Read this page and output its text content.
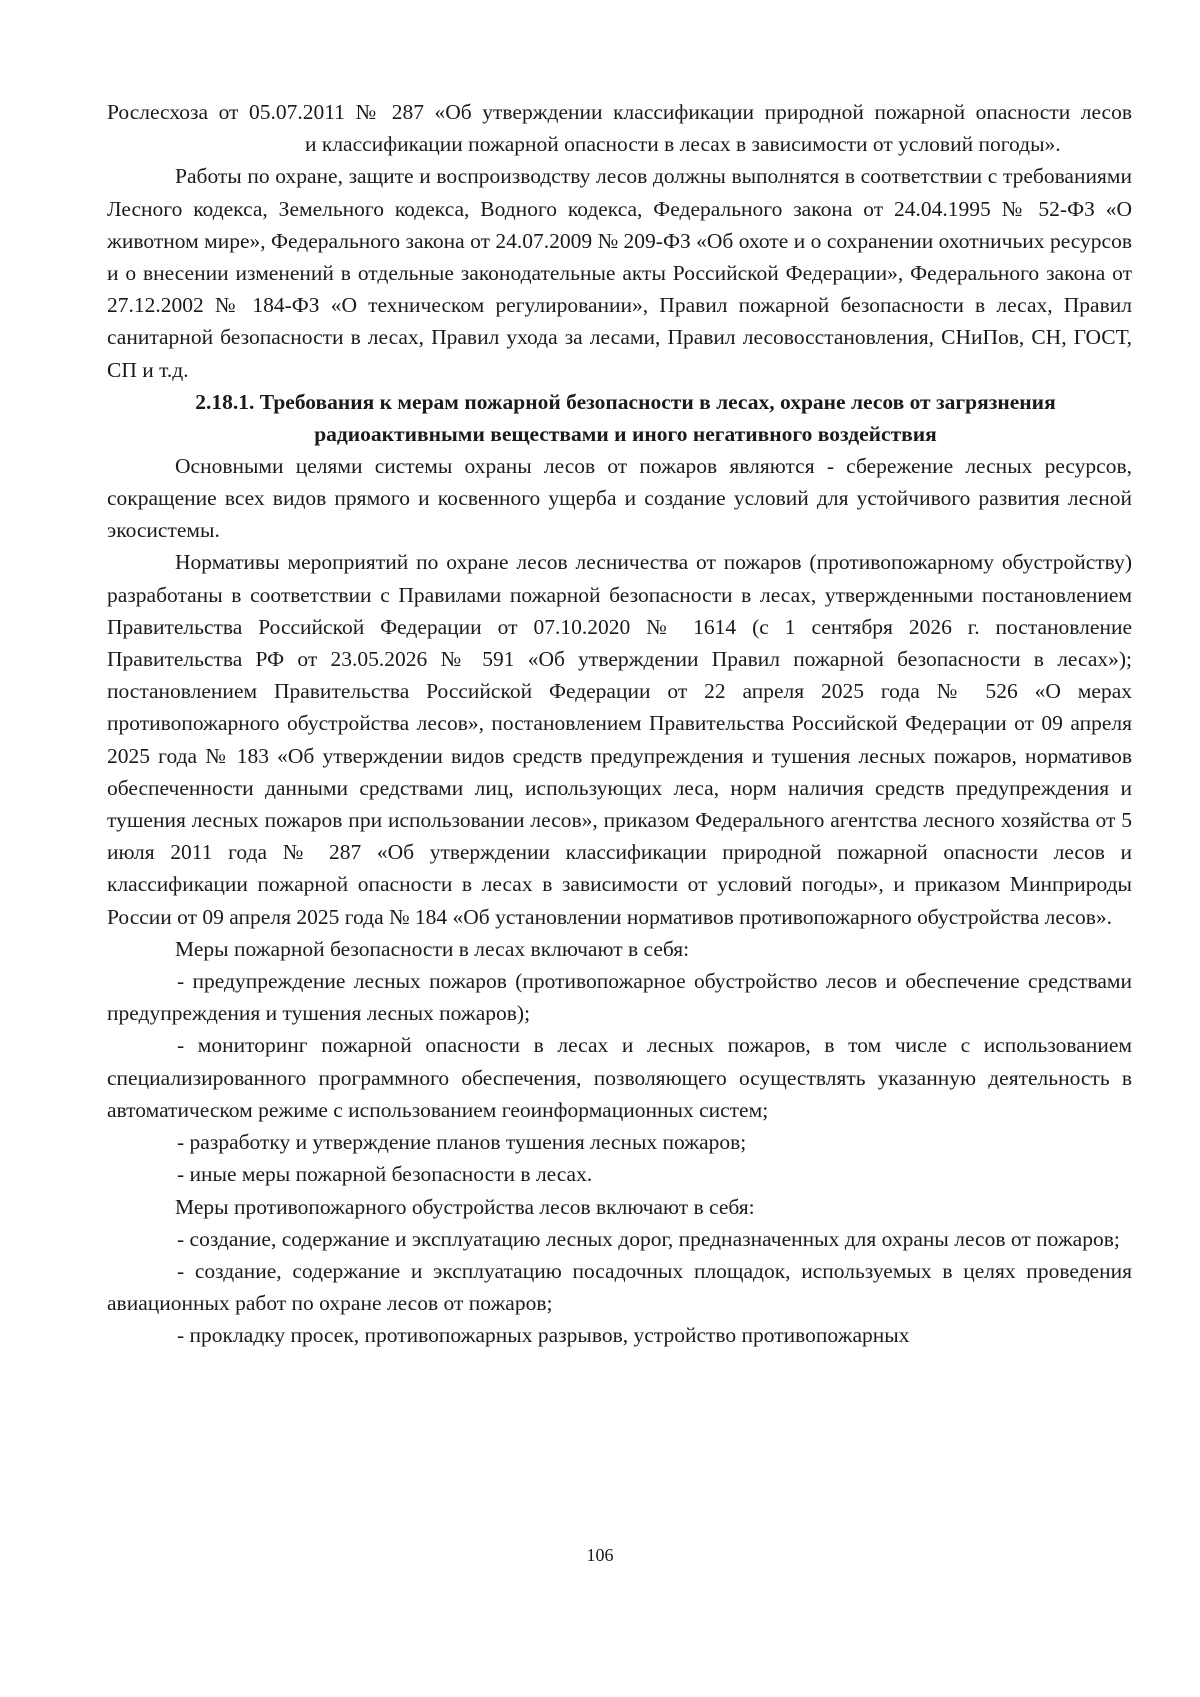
Рослесхоза от 05.07.2011 № 287 «Об утверждении классификации природной пожарной опасности лесови классификации пожарной опасности в лесах в зависимости от условий погоды».

Работы по охране, защите и воспроизводству лесов должны выполнятся в соответствии с требованиями Лесного кодекса, Земельного кодекса, Водного кодекса, Федерального закона от 24.04.1995 № 52-ФЗ «О животном мире», Федерального закона от 24.07.2009 № 209-ФЗ «Об охоте и о сохранении охотничьих ресурсов и о внесении изменений в отдельные законодательные акты Российской Федерации», Федерального закона от 27.12.2002 № 184-ФЗ «О техническом регулировании», Правил пожарной безопасности в лесах, Правил санитарной безопасности в лесах, Правил ухода за лесами, Правил лесовосстановления, СНиПов, СН, ГОСТ, СП и т.д.

2.18.1. Требования к мерам пожарной безопасности в лесах, охране лесов от загрязнения

радиоактивными веществами и иного негативного воздействия

Основными целями системы охраны лесов от пожаров являются - сбережение лесных ресурсов, сокращение всех видов прямого и косвенного ущерба и создание условий для устойчивого развития лесной экосистемы.

Нормативы мероприятий по охране лесов лесничества от пожаров (противопожарному обустройству) разработаны в соответствии с Правилами пожарной безопасности в лесах, утвержденными постановлением Правительства Российской Федерации от 07.10.2020 № 1614 (с 1 сентября 2026 г. постановление Правительства РФ от 23.05.2026 № 591 «Об утверждении Правил пожарной безопасности в лесах»); постановлением Правительства Российской Федерации от 22 апреля 2025 года № 526 «О мерах противопожарного обустройства лесов», постановлением Правительства Российской Федерации от 09 апреля 2025 года № 183 «Об утверждении видов средств предупреждения и тушения лесных пожаров, нормативов обеспеченности данными средствами лиц, использующих леса, норм наличия средств предупреждения и тушения лесных пожаров при использовании лесов», приказом Федерального агентства лесного хозяйства от 5 июля 2011 года № 287 «Об утверждении классификации природной пожарной опасности лесов и классификации пожарной опасности в лесах в зависимости от условий погоды», и приказом Минприроды России от 09 апреля 2025 года № 184 «Об установлении нормативов противопожарного обустройства лесов».

Меры пожарной безопасности в лесах включают в себя:

- предупреждение лесных пожаров (противопожарное обустройство лесов и обеспечение средствами предупреждения и тушения лесных пожаров);

- мониторинг пожарной опасности в лесах и лесных пожаров, в том числе с использованием специализированного программного обеспечения, позволяющего осуществлять указанную деятельность в автоматическом режиме с использованием геоинформационных систем;

- разработку и утверждение планов тушения лесных пожаров;

- иные меры пожарной безопасности в лесах.

Меры противопожарного обустройства лесов включают в себя:

- создание, содержание и эксплуатацию лесных дорог, предназначенных для охраны лесов от пожаров;

- создание, содержание и эксплуатацию посадочных площадок, используемых в целях проведения авиационных работ по охране лесов от пожаров;

- прокладку просек, противопожарных разрывов, устройство противопожарных

106
